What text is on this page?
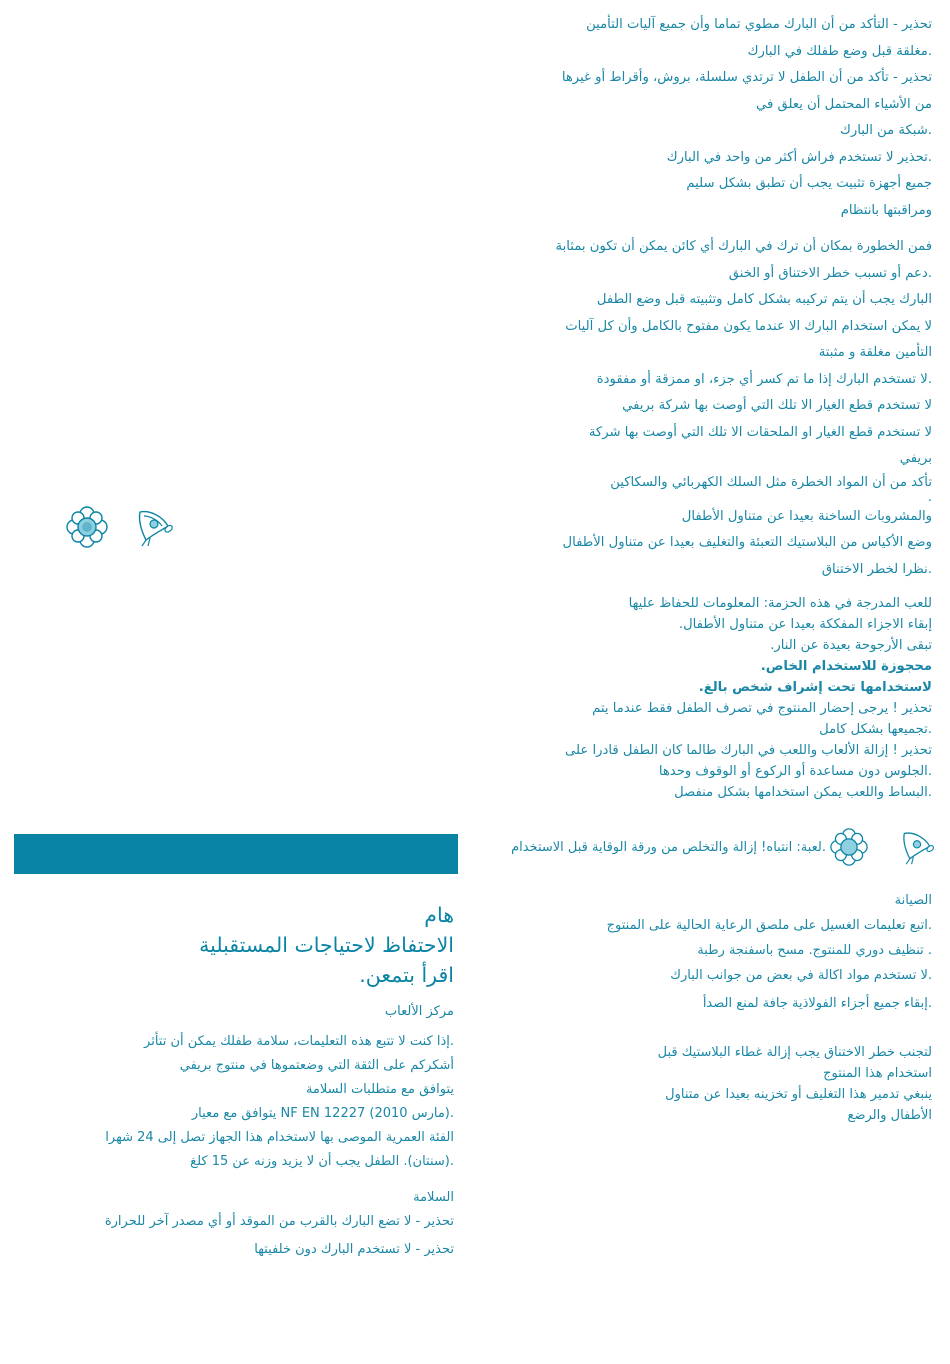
تحذير - التأكد من أن البارك مطوي تماما وأن جميع آليات التأمين
.مغلقة قبل وضع طفلك في البارك
تحذير - تأكد من أن الطفل لا ترتدي سلسلة، بروش، وأقراط أو غيرها
من الأشياء المحتمل أن يعلق في
.شبكة من البارك
.تحذير لا تستخدم فراش أكثر من واحد في البارك
جميع أجهزة تثبيت يجب أن تطبق بشكل سليم
ومراقبتها بانتظام
فمن الخطورة بمكان أن ترك في البارك أي كائن يمكن أن تكون بمثابة
.دعم أو تسبب خطر الاختناق أو الخنق
البارك يجب أن يتم تركيبه بشكل كامل وتثبيته قبل وضع الطفل
لا يمكن استخدام البارك الا عندما يكون مفتوح بالكامل وأن كل آليات
التأمين مغلقة و مثبتة
.لا تستخدم البارك إذا ما تم كسر أي جزء، او ممزقة أو مفقودة
لا تستخدم قطع الغيار الا تلك التي أوصت بها شركة بريفي
لا تستخدم قطع الغيار او الملحقات الا تلك التي أوصت بها شركة
بريفي
تأكد من أن المواد الخطرة مثل السلك الكهربائي والسكاكين
.
والمشروبات الساخنة بعيدا عن متناول الأطفال
وضع الأكياس من البلاستيك التعبئة والتغليف بعيدا عن متناول الأطفال
.نظرا لخطر الاختناق
للعب المدرجة في هذه الحزمة: المعلومات للحفاظ عليها
إبقاء الاجزاء المفككة بعيدا عن متناول الأطفال.
تبقى الأرجوحة بعيدة عن النار.
محجوزة للاستخدام الخاص.
لاستخدامها تحت إشراف شخص بالغ.
تحذير ! يرجى إحضار المنتوج في تصرف الطفل فقط عندما يتم
.تجميعها بشكل كامل
تحذير ! إزالة الألعاب واللعب في البارك طالما كان الطفل قادرا على
.الجلوس دون مساعدة أو الركوع أو الوقوف وحدها
.البساط واللعب يمكن استخدامها بشكل منفصل
.لعبة: انتباه! إزالة والتخلص من ورقة الوقاية قبل الاستخدام
هام
الاحتفاظ لاحتياجات المستقبلية
اقرأ بتمعن.
مركز الألعاب
.إذا كنت لا تتبع هذه التعليمات، سلامة طفلك يمكن أن تتأثر
أشكركم على الثقة التي وضعتموها في منتوج بريفي
يتوافق مع متطلبات السلامة
.(مارس 2010) NF EN 12227 يتوافق مع معيار
الفئة العمرية الموصى بها لاستخدام هذا الجهاز تصل إلى 24 شهرا
.(سنتان). الطفل يجب أن لا يزيد وزنه عن 15 كلغ
السلامة
تحذير - لا تضع البارك بالقرب من الموقد أو أي مصدر آخر للحرارة
تحذير - لا تستخدم البارك دون خلفيتها
الصيانة
.اتبع تعليمات الغسيل على ملصق الرعاية الحالية على المنتوج
. تنظيف دوري للمنتوج. مسح باسفنجة رطبة
.لا تستخدم مواد اكالة في بعض من جوانب البارك
.إبقاء جميع أجزاء الفولاذية جافة لمنع الصدأ
لتجنب خطر الاختناق يجب إزالة غطاء البلاستيك قبل
استخدام هذا المنتوج
ينبغي تدمير هذا التغليف أو تخزينه بعيدا عن متناول
الأطفال والرضع
